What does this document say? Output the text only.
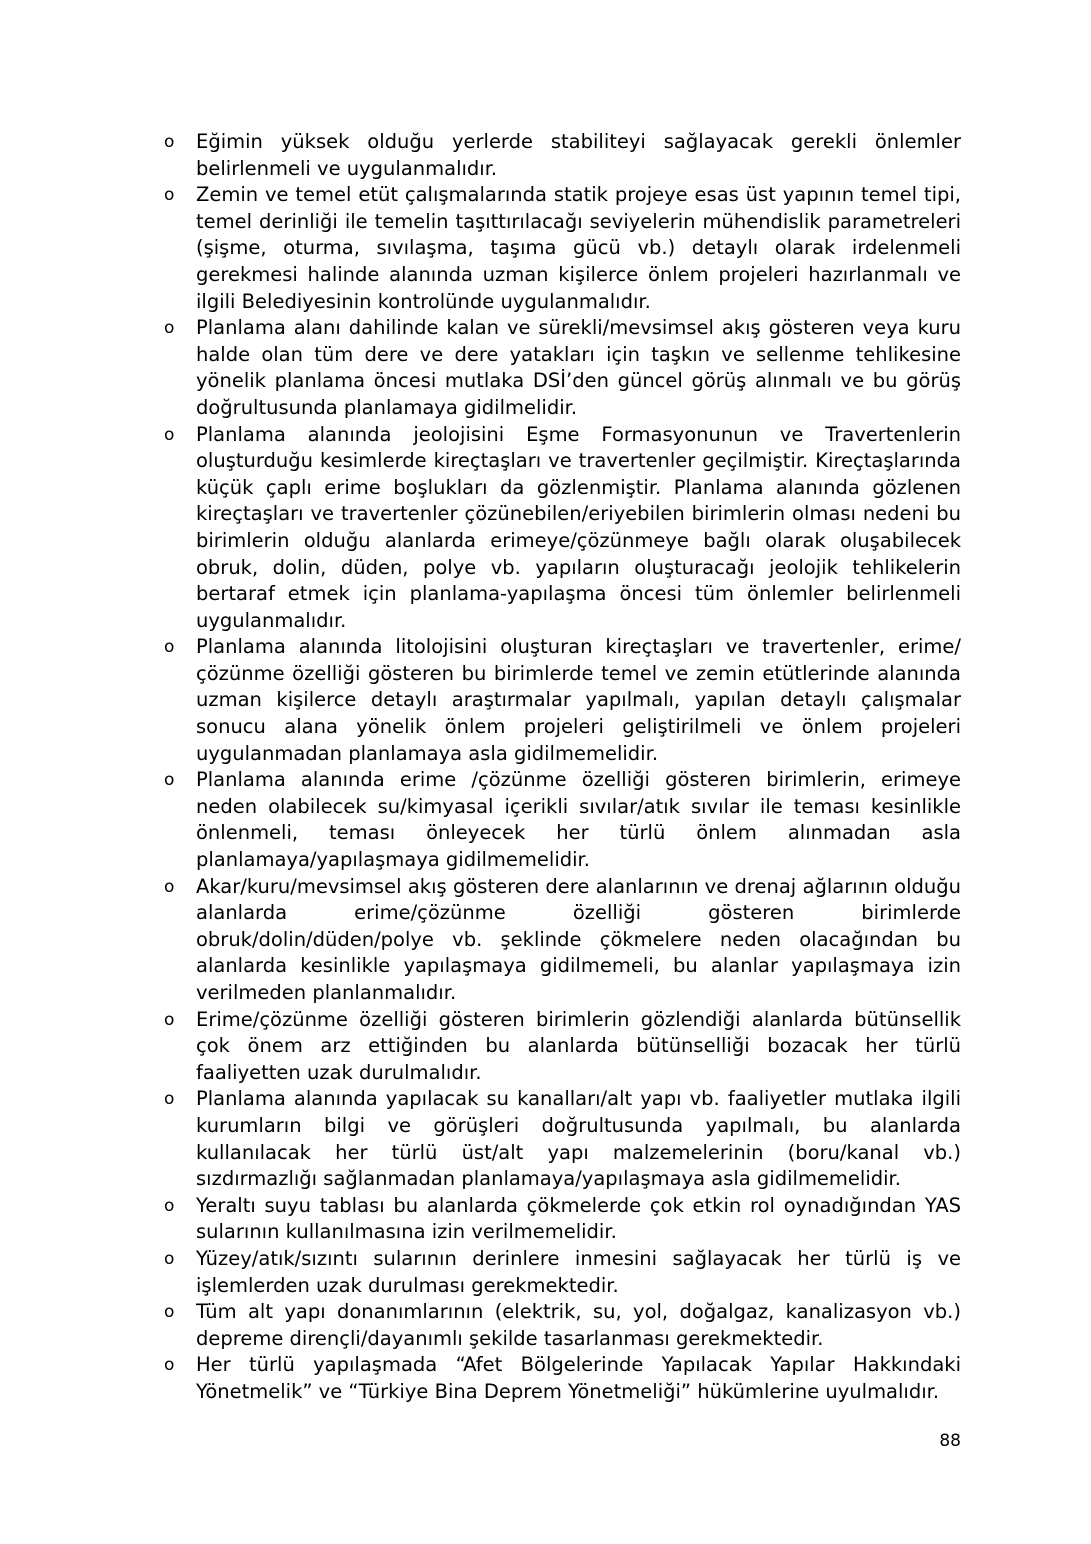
o	Eğimin yüksek olduğu yerlerde stabiliteyi sağlayacak gerekli önlemler belirlenmeli ve uygulanmalıdır.
o	Zemin ve temel etüt çalışmalarında statik projeye esas üst yapının temel tipi, temel derinliği ile temelin taşıttırılacağı seviyelerin mühendislik parametreleri (şişme, oturma, sıvılaşma, taşıma gücü vb.) detaylı olarak irdelenmeli gerekmesi halinde alanında uzman kişilerce önlem projeleri hazırlanmalı ve ilgili Belediyesinin kontrolünde uygulanmalıdır.
o	Planlama alanı dahilinde kalan ve sürekli/mevsimsel akış gösteren veya kuru halde olan tüm dere ve dere yatakları için taşkın ve sellenme tehlikesine yönelik planlama öncesi mutlaka DSİ’den güncel görüş alınmalı ve bu görüş doğrultusunda planlamaya gidilmelidir.
o	Planlama alanında jeolojisini Eşme Formasyonunun ve Travertenlerin oluşturduğu kesimlerde kireçtaşları ve travertenler geçilmiştir. Kireçtaşlarında küçük çaplı erime boşlukları da gözlenmiştir. Planlama alanında gözlenen kireçtaşları ve travertenler çözünebilen/eriyebilen birimlerin olması nedeni bu birimlerin olduğu alanlarda erimeye/çözünmeye bağlı olarak oluşabilecek obruk, dolin, düden, polye vb. yapıların oluşturacağı jeolojik tehlikelerin bertaraf etmek için planlama-yapılaşma öncesi tüm önlemler belirlenmeli uygulanmalıdır.
o	Planlama alanında litolojisini oluşturan kireçtaşları ve travertenler, erime/çözünme özelliği gösteren bu birimlerde temel ve zemin etütlerinde alanında uzman kişilerce detaylı araştırmalar yapılmalı, yapılan detaylı çalışmalar sonucu alana yönelik önlem projeleri geliştirilmeli ve önlem projeleri uygulanmadan planlamaya asla gidilmemelidir.
o	Planlama alanında erime /çözünme özelliği gösteren birimlerin, erimeye neden olabilecek su/kimyasal içerikli sıvılar/atık sıvılar ile teması kesinlikle önlenmeli, teması önleyecek her türlü önlem alınmadan asla planlamaya/yapılaşmaya gidilmemelidir.
o	Akar/kuru/mevsimsel akış gösteren dere alanlarının ve drenaj ağlarının olduğu alanlarda erime/çözünme özelliği gösteren birimlerde obruk/dolin/düden/polye vb. şeklinde çökmelere neden olacağından bu alanlarda kesinlikle yapılaşmaya gidilmemeli, bu alanlar yapılaşmaya izin verilmeden planlanmalıdır.
o	Erime/çözünme özelliği gösteren birimlerin gözlendiği alanlarda bütünsellik çok önem arz ettiğinden bu alanlarda bütünselliği bozacak her türlü faaliyetten uzak durulmalıdır.
o	Planlama alanında yapılacak su kanalları/alt yapı vb. faaliyetler mutlaka ilgili kurumların bilgi ve görüşleri doğrultusunda yapılmalı, bu alanlarda kullanılacak her türlü üst/alt yapı malzemelerinin (boru/kanal vb.) sızdırmazlığı sağlanmadan planlamaya/yapılaşmaya asla gidilmemelidir.
o	Yeraltı suyu tablası bu alanlarda çökmelerde çok etkin rol oynadığından YAS sularının kullanılmasına izin verilmemelidir.
o	Yüzey/atık/sızıntı sularının derinlere inmesini sağlayacak her türlü iş ve işlemlerden uzak durulması gerekmektedir.
o	Tüm alt yapı donanımlarının (elektrik, su, yol, doğalgaz, kanalizasyon vb.) depreme dirençli/dayanımlı şekilde tasarlanması gerekmektedir.
o	Her türlü yapılaşmada “Afet Bölgelerinde Yapılacak Yapılar Hakkındaki Yönetmelik” ve “Türkiye Bina Deprem Yönetmeliği” hükümlerine uyulmalıdır.
88
